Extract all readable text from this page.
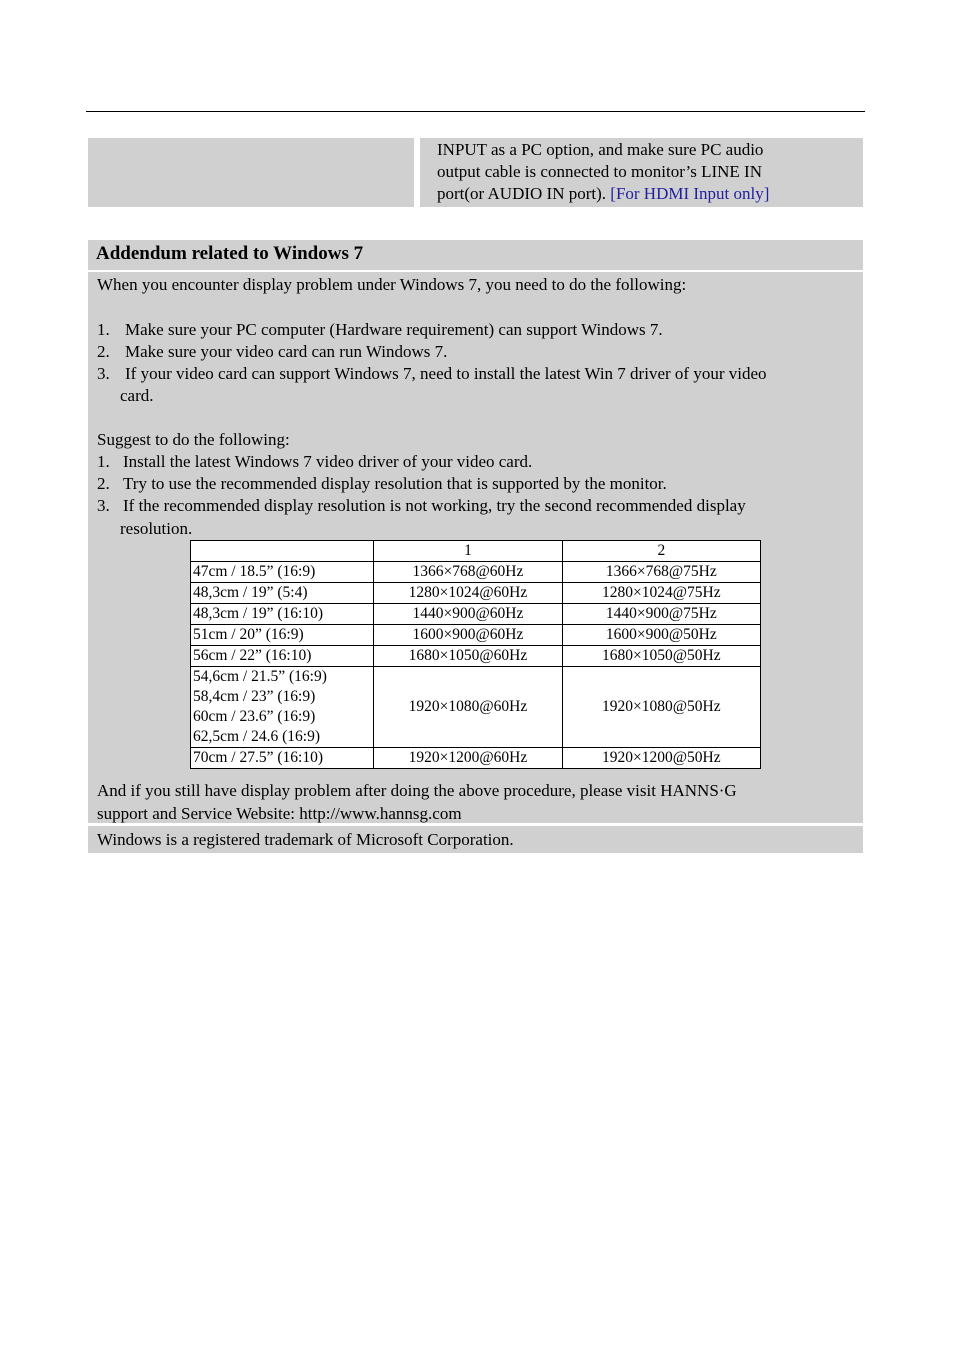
INPUT as a PC option, and make sure PC audio
output cable is connected to monitor’s LINE IN
port(or AUDIO IN port). [For HDMI Input only]
Addendum related to Windows 7
When you encounter display problem under Windows 7, you need to do the following:
1. Make sure your PC computer (Hardware requirement) can support Windows 7.
2. Make sure your video card can run Windows 7.
3. If your video card can support Windows 7, need to install the latest Win 7 driver of your video
card.
Suggest to do the following:
1. Install the latest Windows 7 video driver of your video card.
2. Try to use the recommended display resolution that is supported by the monitor.
3. If the recommended display resolution is not working, try the second recommended display
resolution.
And if you still have display problem after doing the above procedure, please visit HANNS·G
support and Service Website: http://www.hannsg.com
Windows is a registered trademark of Microsoft Corporation.
	1	2
47cm / 18.5” (16:9)	1366×768@60Hz	1366×768@75Hz
48,3cm / 19” (5:4)	1280×1024@60Hz	1280×1024@75Hz
48,3cm / 19” (16:10)	1440×900@60Hz	1440×900@75Hz
51cm / 20” (16:9)	1600×900@60Hz	1600×900@50Hz
56cm / 22” (16:10)	1680×1050@60Hz	1680×1050@50Hz

54,6cm / 21.5” (16:9)
58,4cm / 23” (16:9)
60cm / 23.6” (16:9)
62,5cm / 24.6 (16:9)	1920×1080@60Hz	1920×1080@50Hz
70cm / 27.5” (16:10)	1920×1200@60Hz	1920×1200@50Hz
